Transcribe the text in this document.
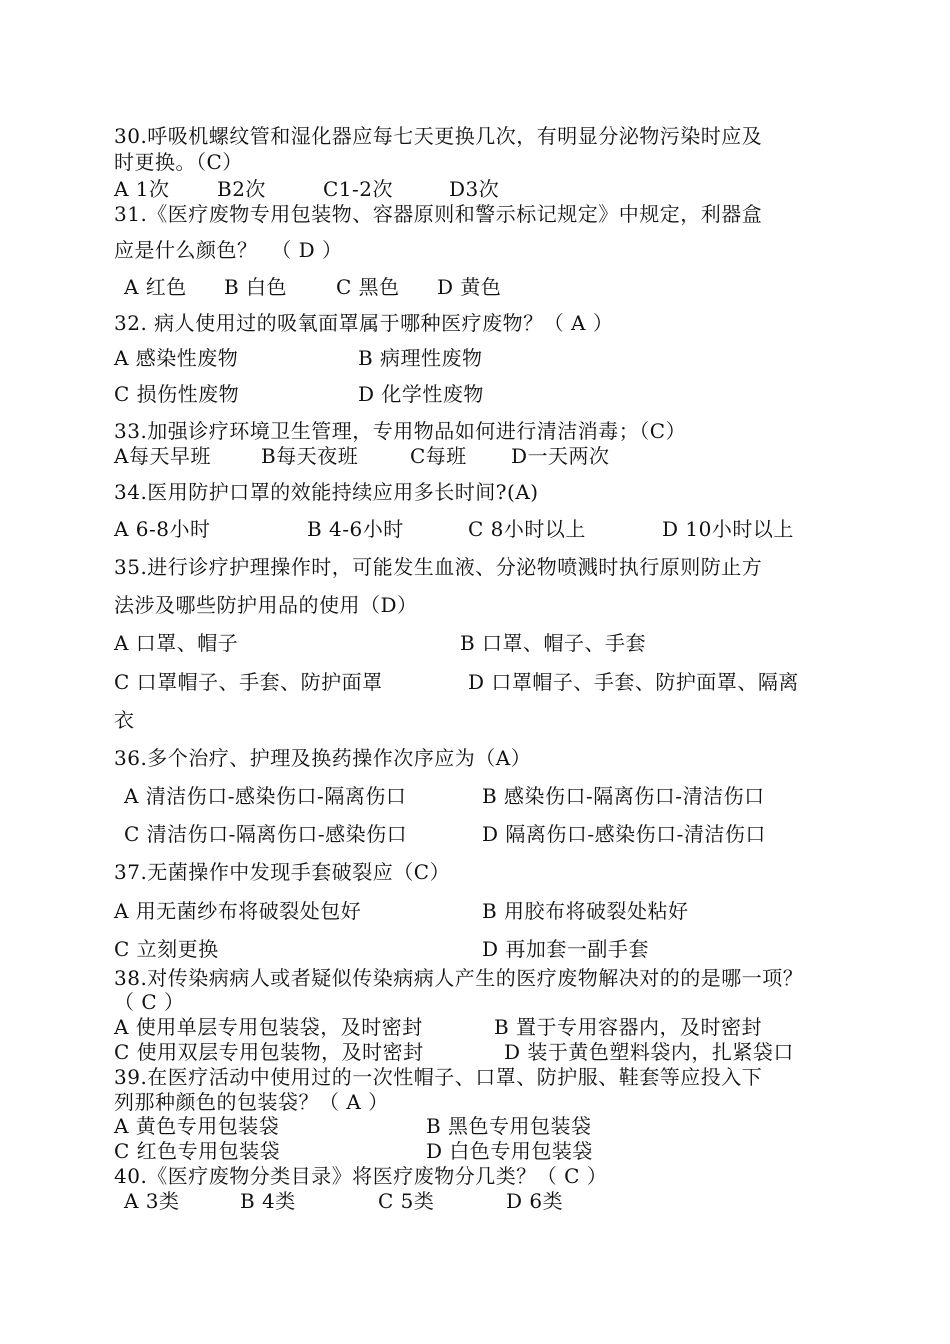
30.呼吸机螺纹管和湿化器应每七天更换几次，有明显分泌物污染时应及
时更换。（C）
A 1次 B2次	C1-2次	D3次
31.《医疗废物专用包装物、容器原则和警示标记规定》中规定，利器盒
应是什么颜色？  （ D ）
A 红色 B 白色 C 黑色 D 黄色
32. 病人使用过的吸氧面罩属于哪种医疗废物？（ A ）
A 感染性废物	B 病理性废物
C 损伤性废物	D 化学性废物
33.加强诊疗环境卫生管理，专用物品如何进行清洁消毒；（C）
A每天早班	B每天夜班	C每班 D一天两次
34.医用防护口罩的效能持续应用多长时间?(A)
A 6-8小时	B 4-6小时	C 8小时以上	D 10小时以上
35.进行诊疗护理操作时，可能发生血液、分泌物喷溅时执行原则防止方
法涉及哪些防护用品的使用（D）
A 口罩、帽子	B 口罩、帽子、手套
C 口罩帽子、手套、防护面罩	D 口罩帽子、手套、防护面罩、隔离
衣
36.多个治疗、护理及换药操作次序应为（A）
A 清洁伤口-感染伤口-隔离伤口	B 感染伤口-隔离伤口-清洁伤口
C 清洁伤口-隔离伤口-感染伤口	D 隔离伤口-感染伤口-清洁伤口
37.无菌操作中发现手套破裂应（C）
A 用无菌纱布将破裂处包好	B 用胶布将破裂处粘好
C 立刻更换	D 再加套一副手套
38.对传染病病人或者疑似传染病病人产生的医疗废物解决对的的是哪一项？
（ C ）
A 使用单层专用包装袋，及时密封	B 置于专用容器内，及时密封
C 使用双层专用包装物，及时密封	D 装于黄色塑料袋内，扎紧袋口
39.在医疗活动中使用过的一次性帽子、口罩、防护服、鞋套等应投入下
列那种颜色的包装袋？（ A ）
A 黄色专用包装袋	B 黑色专用包装袋
C 红色专用包装袋	D 白色专用包装袋
40.《医疗废物分类目录》将医疗废物分几类？（ C ）
A 3类	B 4类	C 5类	D 6类
